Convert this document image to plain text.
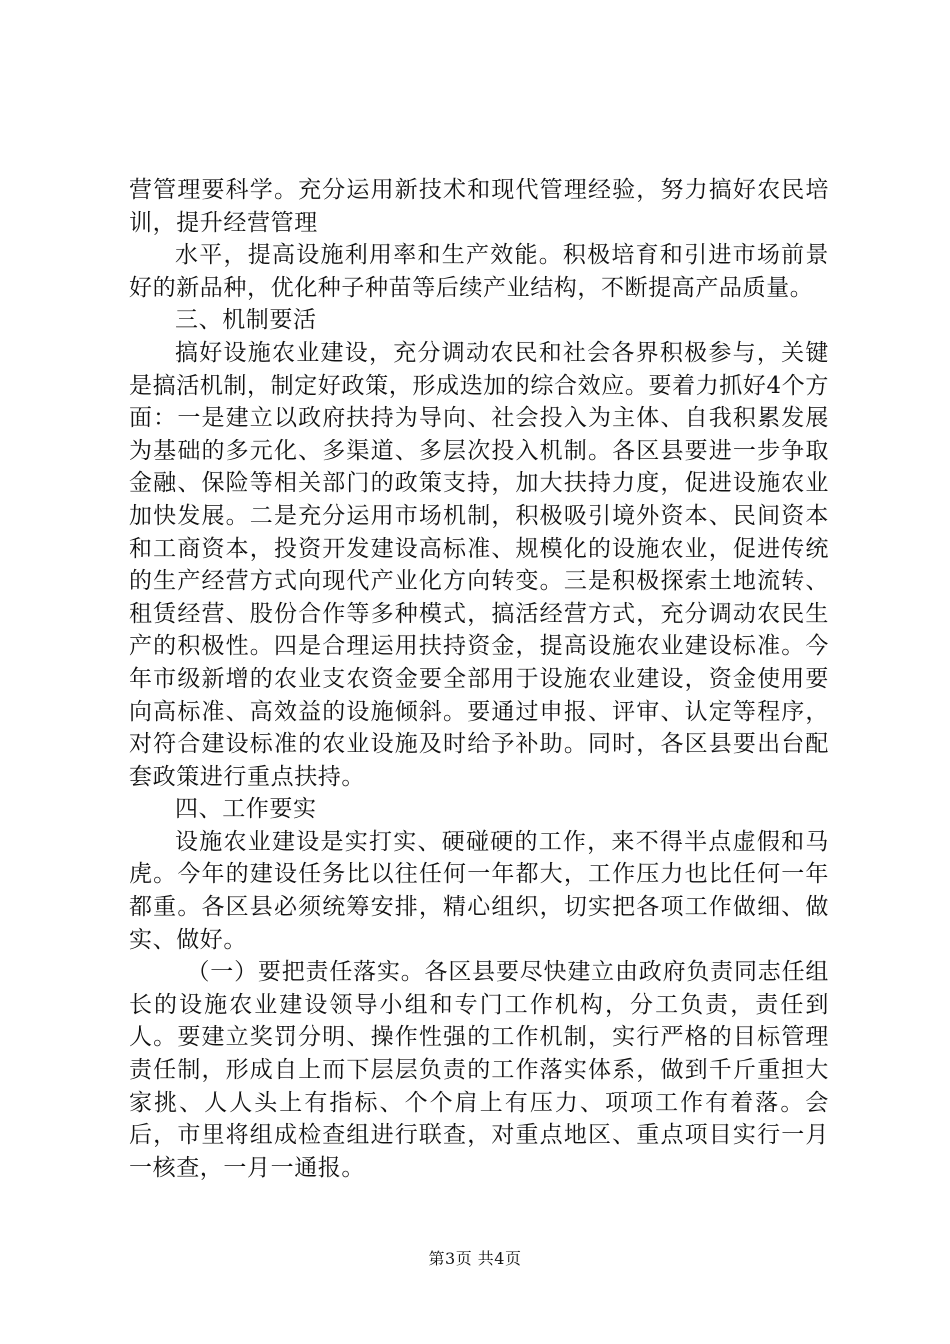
营管理要科学。充分运用新技术和现代管理经验，努力搞好农民培训，提升经营管理

水平，提高设施利用率和生产效能。积极培育和引进市场前景好的新品种，优化种子种苗等后续产业结构，不断提高产品质量。

三、机制要活

搞好设施农业建设，充分调动农民和社会各界积极参与，关键是搞活机制，制定好政策，形成迭加的综合效应。要着力抓好4个方面：一是建立以政府扶持为导向、社会投入为主体、自我积累发展为基础的多元化、多渠道、多层次投入机制。各区县要进一步争取金融、保险等相关部门的政策支持，加大扶持力度，促进设施农业加快发展。二是充分运用市场机制，积极吸引境外资本、民间资本和工商资本，投资开发建设高标准、规模化的设施农业，促进传统的生产经营方式向现代产业化方向转变。三是积极探索土地流转、租赁经营、股份合作等多种模式，搞活经营方式，充分调动农民生产的积极性。四是合理运用扶持资金，提高设施农业建设标准。今年市级新增的农业支农资金要全部用于设施农业建设，资金使用要向高标准、高效益的设施倾斜。要通过申报、评审、认定等程序，对符合建设标准的农业设施及时给予补助。同时，各区县要出台配套政策进行重点扶持。

四、工作要实

设施农业建设是实打实、硬碰硬的工作，来不得半点虚假和马虎。今年的建设任务比以往任何一年都大，工作压力也比任何一年都重。各区县必须统筹安排，精心组织，切实把各项工作做细、做实、做好。

（一）要把责任落实。各区县要尽快建立由政府负责同志任组长的设施农业建设领导小组和专门工作机构，分工负责，责任到人。要建立奖罚分明、操作性强的工作机制，实行严格的目标管理责任制，形成自上而下层层负责的工作落实体系，做到千斤重担大家挑、人人头上有指标、个个肩上有压力、项项工作有着落。会后，市里将组成检查组进行联查，对重点地区、重点项目实行一月一核查，一月一通报。

第3页 共4页
